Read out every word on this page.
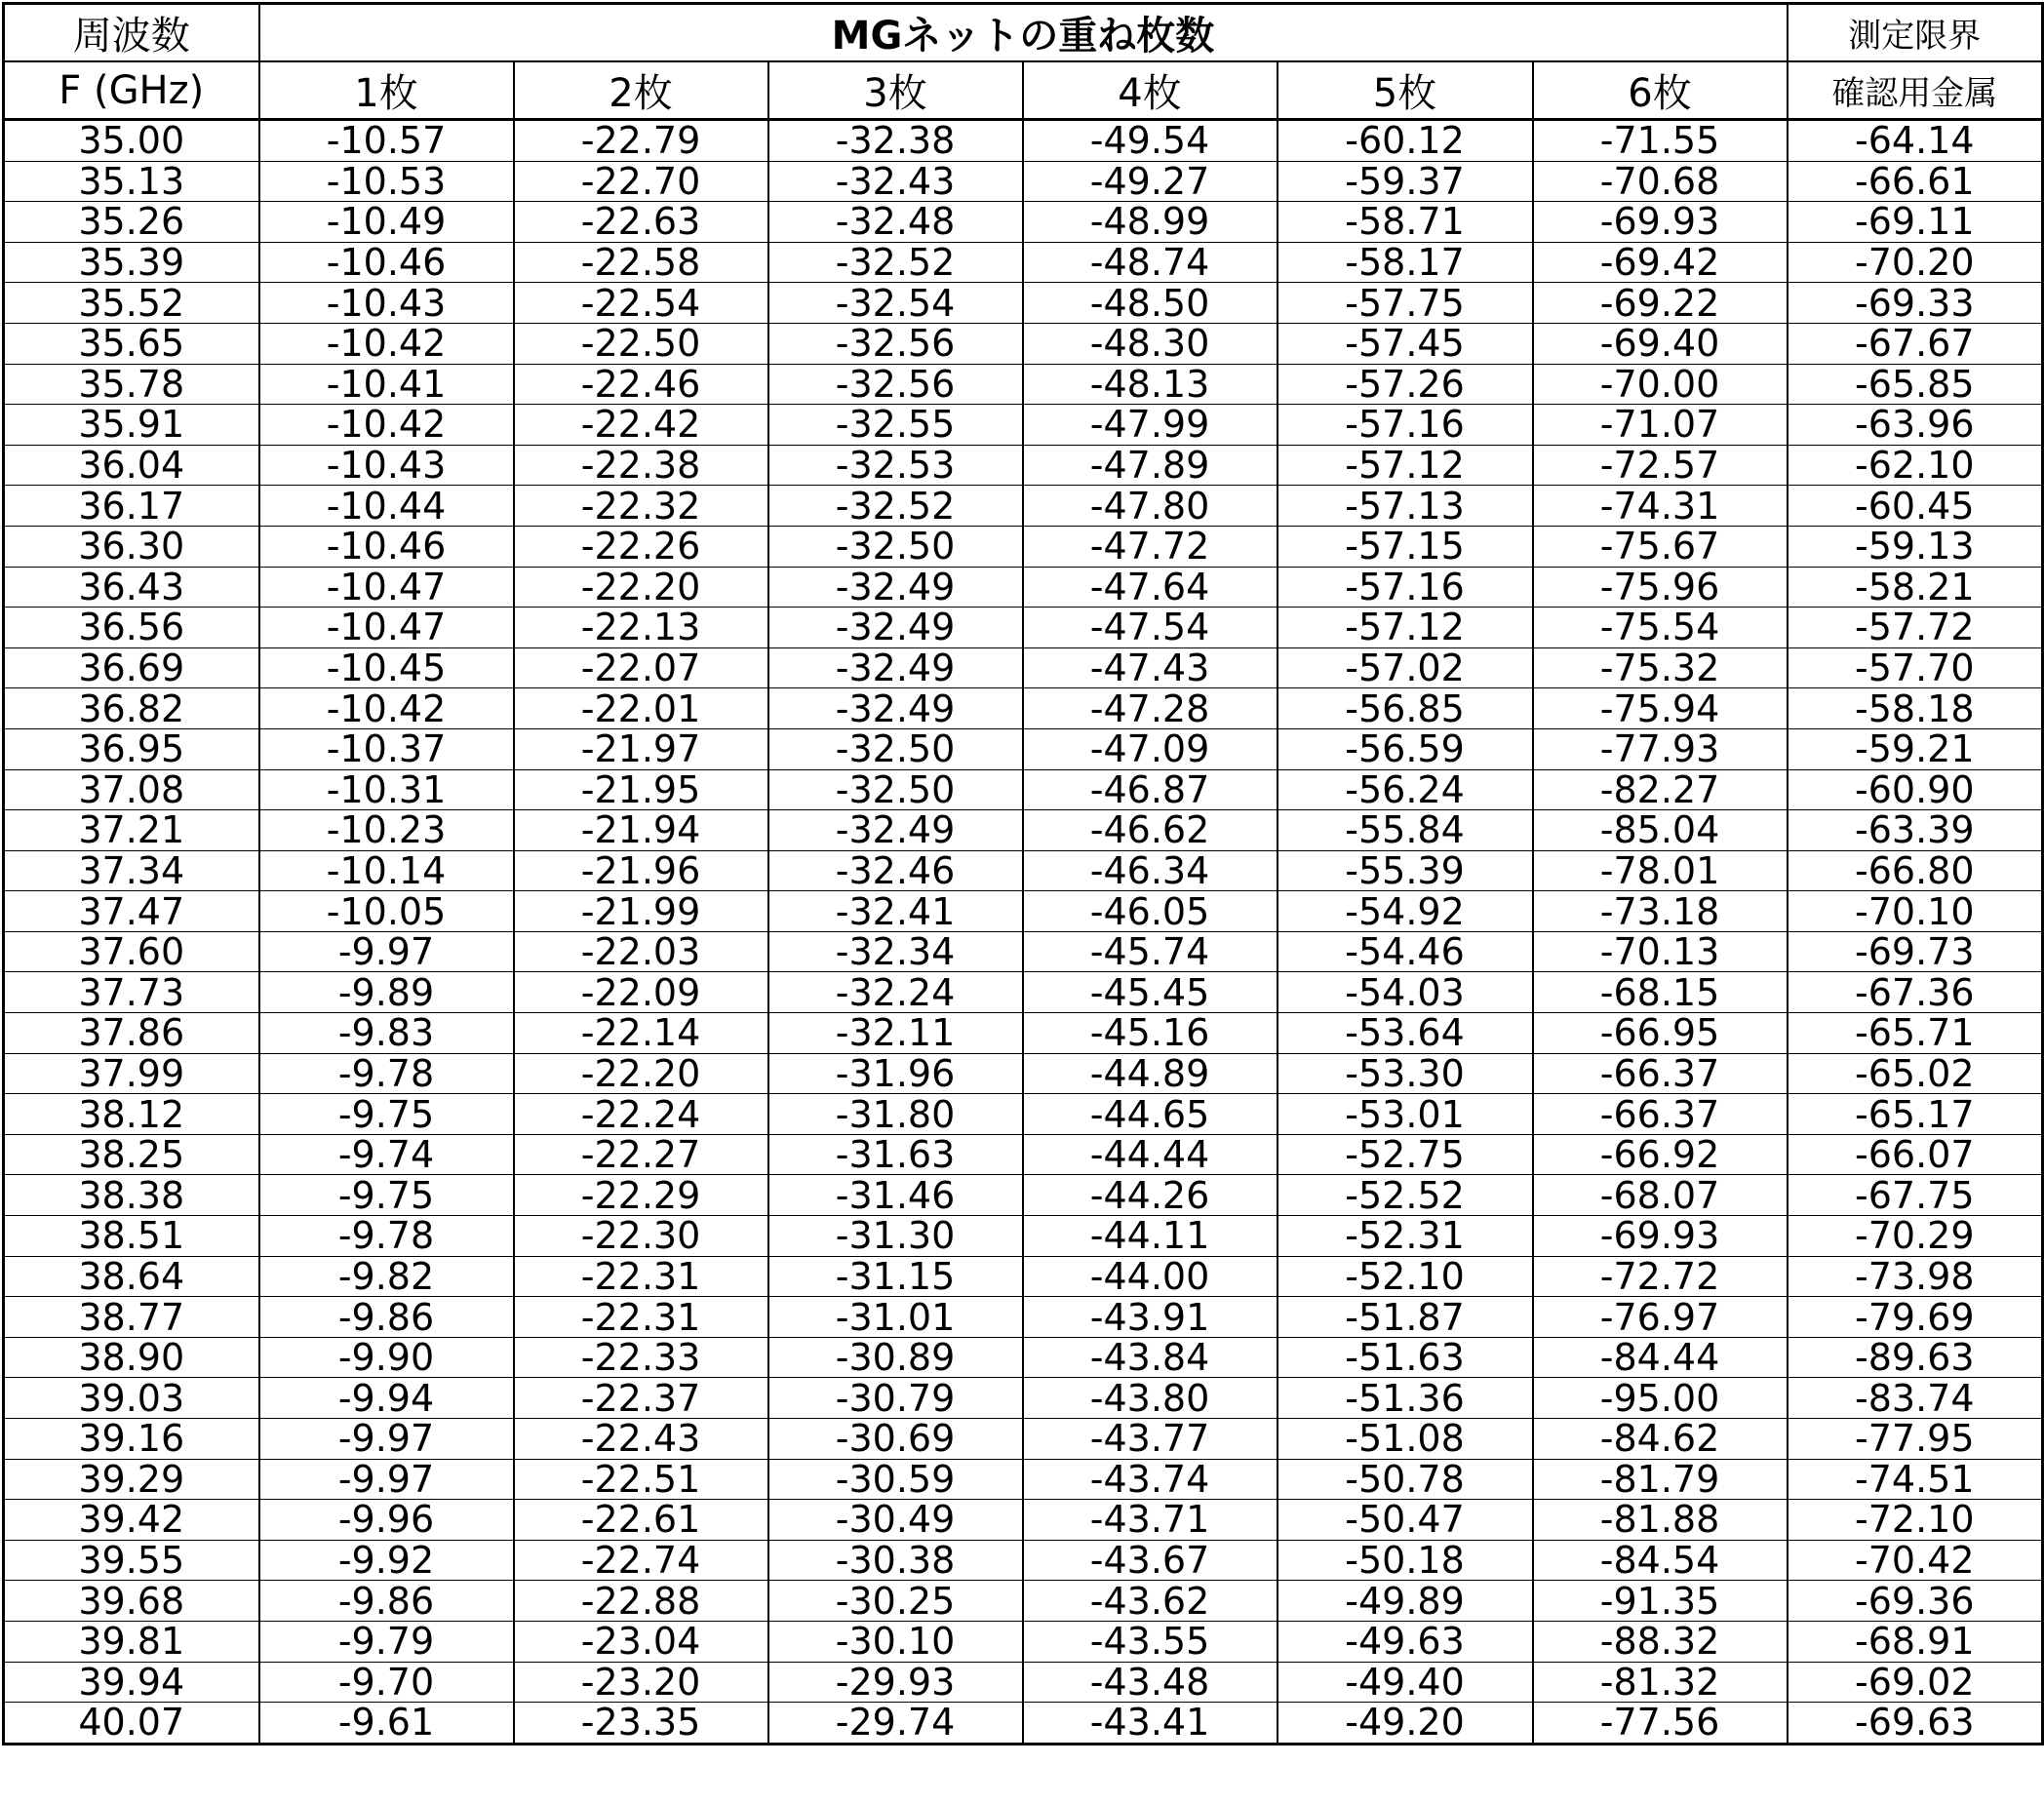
周波数	MGネットの重ね枚数						測定限界
F (GHz)	1枚	2枚	3枚	4枚	5枚	6枚	確認用金属
35.00	-10.57	-22.79	-32.38	-49.54	-60.12	-71.55	-64.14
35.13	-10.53	-22.70	-32.43	-49.27	-59.37	-70.68	-66.61
35.26	-10.49	-22.63	-32.48	-48.99	-58.71	-69.93	-69.11
35.39	-10.46	-22.58	-32.52	-48.74	-58.17	-69.42	-70.20
35.52	-10.43	-22.54	-32.54	-48.50	-57.75	-69.22	-69.33
35.65	-10.42	-22.50	-32.56	-48.30	-57.45	-69.40	-67.67
35.78	-10.41	-22.46	-32.56	-48.13	-57.26	-70.00	-65.85
35.91	-10.42	-22.42	-32.55	-47.99	-57.16	-71.07	-63.96
36.04	-10.43	-22.38	-32.53	-47.89	-57.12	-72.57	-62.10
36.17	-10.44	-22.32	-32.52	-47.80	-57.13	-74.31	-60.45
36.30	-10.46	-22.26	-32.50	-47.72	-57.15	-75.67	-59.13
36.43	-10.47	-22.20	-32.49	-47.64	-57.16	-75.96	-58.21
36.56	-10.47	-22.13	-32.49	-47.54	-57.12	-75.54	-57.72
36.69	-10.45	-22.07	-32.49	-47.43	-57.02	-75.32	-57.70
36.82	-10.42	-22.01	-32.49	-47.28	-56.85	-75.94	-58.18
36.95	-10.37	-21.97	-32.50	-47.09	-56.59	-77.93	-59.21
37.08	-10.31	-21.95	-32.50	-46.87	-56.24	-82.27	-60.90
37.21	-10.23	-21.94	-32.49	-46.62	-55.84	-85.04	-63.39
37.34	-10.14	-21.96	-32.46	-46.34	-55.39	-78.01	-66.80
37.47	-10.05	-21.99	-32.41	-46.05	-54.92	-73.18	-70.10
37.60	-9.97	-22.03	-32.34	-45.74	-54.46	-70.13	-69.73
37.73	-9.89	-22.09	-32.24	-45.45	-54.03	-68.15	-67.36
37.86	-9.83	-22.14	-32.11	-45.16	-53.64	-66.95	-65.71
37.99	-9.78	-22.20	-31.96	-44.89	-53.30	-66.37	-65.02
38.12	-9.75	-22.24	-31.80	-44.65	-53.01	-66.37	-65.17
38.25	-9.74	-22.27	-31.63	-44.44	-52.75	-66.92	-66.07
38.38	-9.75	-22.29	-31.46	-44.26	-52.52	-68.07	-67.75
38.51	-9.78	-22.30	-31.30	-44.11	-52.31	-69.93	-70.29
38.64	-9.82	-22.31	-31.15	-44.00	-52.10	-72.72	-73.98
38.77	-9.86	-22.31	-31.01	-43.91	-51.87	-76.97	-79.69
38.90	-9.90	-22.33	-30.89	-43.84	-51.63	-84.44	-89.63
39.03	-9.94	-22.37	-30.79	-43.80	-51.36	-95.00	-83.74
39.16	-9.97	-22.43	-30.69	-43.77	-51.08	-84.62	-77.95
39.29	-9.97	-22.51	-30.59	-43.74	-50.78	-81.79	-74.51
39.42	-9.96	-22.61	-30.49	-43.71	-50.47	-81.88	-72.10
39.55	-9.92	-22.74	-30.38	-43.67	-50.18	-84.54	-70.42
39.68	-9.86	-22.88	-30.25	-43.62	-49.89	-91.35	-69.36
39.81	-9.79	-23.04	-30.10	-43.55	-49.63	-88.32	-68.91
39.94	-9.70	-23.20	-29.93	-43.48	-49.40	-81.32	-69.02
40.07	-9.61	-23.35	-29.74	-43.41	-49.20	-77.56	-69.63
